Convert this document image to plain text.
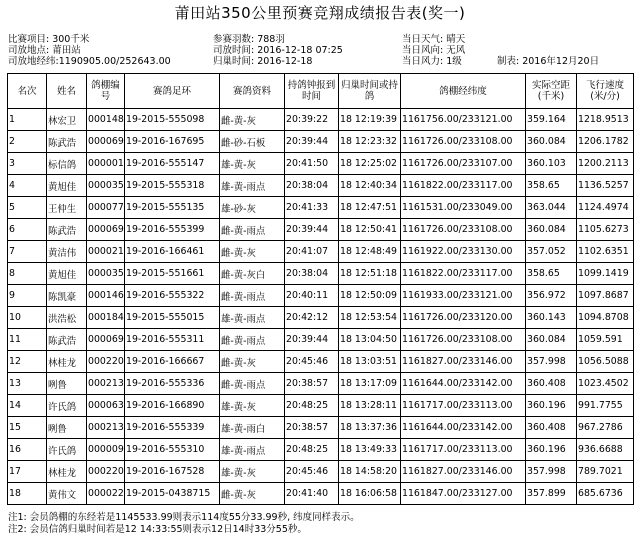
莆田站350公里预赛竞翔成绩报告表(奖一)
比赛项目: 300千米
司放地点: 莆田站
司放地经纬:1190905.00/252643.00
参赛羽数: 788羽
司放时间: 2016-12-18 07:25
归巢时间: 2016-12-18
当日天气: 晴天
当日风向: 无风
当日风力: 1级	制表: 2016年12月20日
名次	姓名	鸽棚编号	赛鸽足环	赛鸽资料	持鸽钟报到时间	归巢时间或持鸽	鸽棚经纬度	实际空距(千米)	飞行速度(米/分)
1	林宏卫	000148	19-2015-555098	雌-黄-灰	20:39:22	18 12:19:39	1161756.00/233121.00	359.164	1218.9513
2	陈武浩	000069	19-2016-167695	雌-砂-石板	20:39:44	18 12:23:32	1161726.00/233108.00	360.084	1206.1782
3	标信鸽	000001	19-2016-555147	雄-黄-灰	20:41:50	18 12:25:02	1161726.00/233107.00	360.103	1200.2113
4	黄旭佳	000035	19-2015-555318	雄-黄-雨点	20:38:04	18 12:40:34	1161822.00/233117.00	358.65	1136.5257
5	王仲生	000077	19-2015-555135	雄-砂-灰	20:41:33	18 12:47:51	1161531.00/233049.00	363.044	1124.4974
6	陈武浩	000069	19-2016-555399	雌-黄-雨点	20:39:44	18 12:50:41	1161726.00/233108.00	360.084	1105.6273
7	黄洁伟	000021	19-2016-166461	雌-黄-灰	20:41:07	18 12:48:49	1161922.00/233130.00	357.052	1102.6351
8	黄旭佳	000035	19-2015-551661	雌-黄-灰白	20:38:04	18 12:51:18	1161822.00/233117.00	358.65	1099.1419
9	陈凯豪	000146	19-2016-555322	雌-黄-雨点	20:40:11	18 12:50:09	1161933.00/233121.00	356.972	1097.8687
10	洪浩松	000184	19-2015-555015	雄-黄-雨点	20:42:12	18 12:53:54	1161726.00/233120.00	360.143	1094.8708
11	陈武浩	000069	19-2016-555311	雌-黄-雨点	20:39:44	18 13:04:50	1161726.00/233108.00	360.084	1059.591
12	林桂龙	000220	19-2016-166667	雌-黄-灰	20:45:46	18 13:03:51	1161827.00/233146.00	357.998	1056.5088
13	咧鲁	000213	19-2016-555336	雌-黄-雨点	20:38:57	18 13:17:09	1161644.00/233142.00	360.408	1023.4502
14	许氏鸽	000063	19-2016-166890	雄-黄-灰	20:48:25	18 13:28:11	1161717.00/233113.00	360.196	991.7755
15	咧鲁	000213	19-2016-555339	雄-黄-雨白	20:38:57	18 13:37:36	1161644.00/233142.00	360.408	967.2786
16	许氏鸽	000009	19-2016-555310	雄-黄-雨点	20:48:25	18 13:49:33	1161717.00/233113.00	360.196	936.6688
17	林桂龙	000220	19-2016-167528	雄-黄-灰	20:45:46	18 14:58:20	1161827.00/233146.00	357.998	789.7021
18	黄伟文	000022	19-2015-0438715	雌-黄-灰	20:41:40	18 16:06:58	1161847.00/233127.00	357.899	685.6736
注1: 会员鸽棚的东经若是1145533.99则表示114度55分33.99秒, 纬度同样表示。
注2: 会员信鸽归巢时间若是12 14:33:55则表示12日14时33分55秒。
